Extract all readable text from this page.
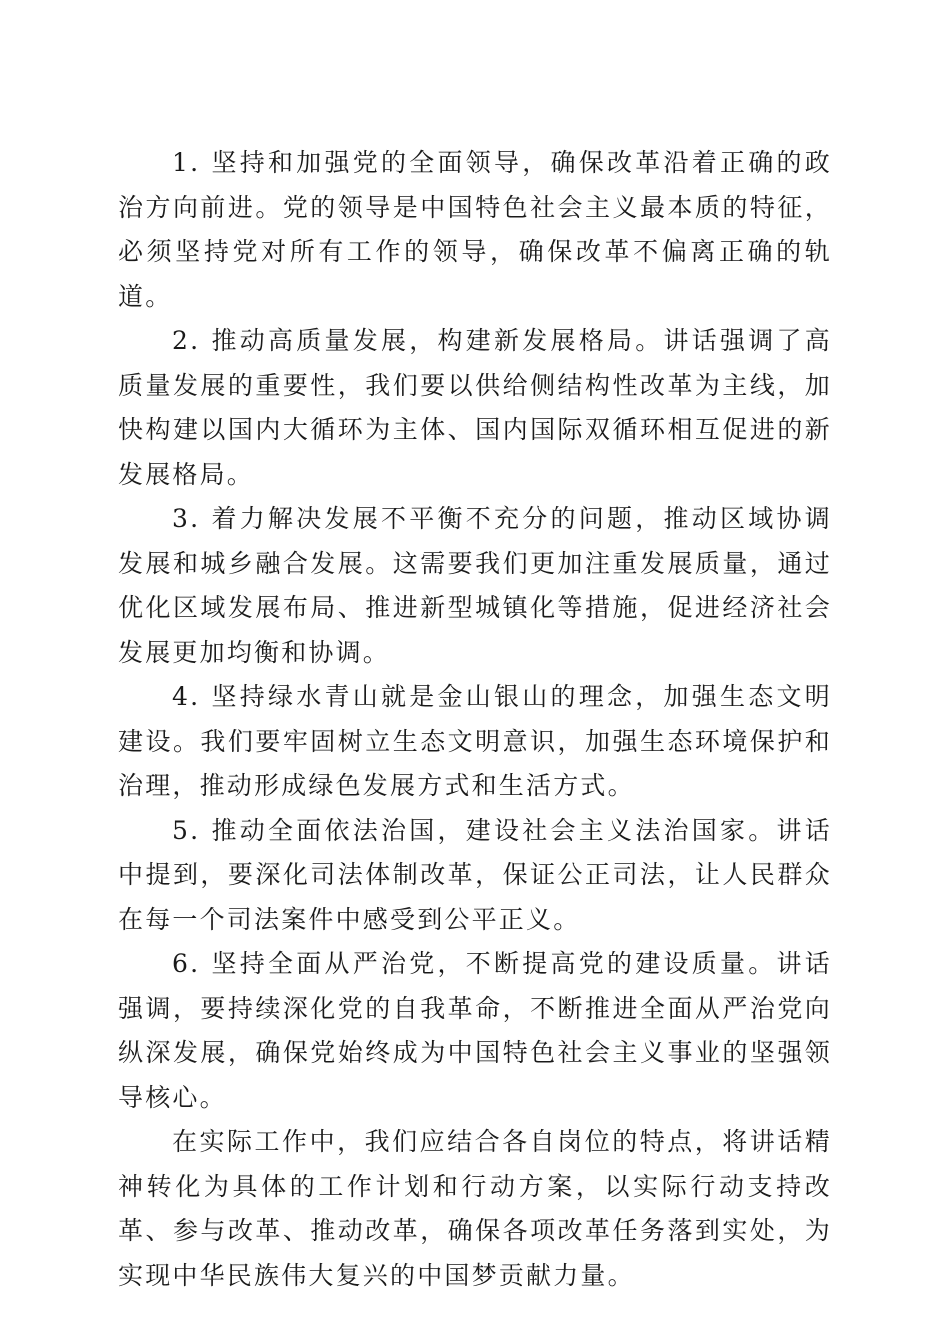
1. 坚持和加强党的全面领导，确保改革沿着正确的政治方向前进。党的领导是中国特色社会主义最本质的特征，必须坚持党对所有工作的领导，确保改革不偏离正确的轨道。

2. 推动高质量发展，构建新发展格局。讲话强调了高质量发展的重要性，我们要以供给侧结构性改革为主线，加快构建以国内大循环为主体、国内国际双循环相互促进的新发展格局。

3. 着力解决发展不平衡不充分的问题，推动区域协调发展和城乡融合发展。这需要我们更加注重发展质量，通过优化区域发展布局、推进新型城镇化等措施，促进经济社会发展更加均衡和协调。

4. 坚持绿水青山就是金山银山的理念，加强生态文明建设。我们要牢固树立生态文明意识，加强生态环境保护和治理，推动形成绿色发展方式和生活方式。

5. 推动全面依法治国，建设社会主义法治国家。讲话中提到，要深化司法体制改革，保证公正司法，让人民群众在每一个司法案件中感受到公平正义。

6. 坚持全面从严治党，不断提高党的建设质量。讲话强调，要持续深化党的自我革命，不断推进全面从严治党向纵深发展，确保党始终成为中国特色社会主义事业的坚强领导核心。

在实际工作中，我们应结合各自岗位的特点，将讲话精神转化为具体的工作计划和行动方案，以实际行动支持改革、参与改革、推动改革，确保各项改革任务落到实处，为实现中华民族伟大复兴的中国梦贡献力量。
